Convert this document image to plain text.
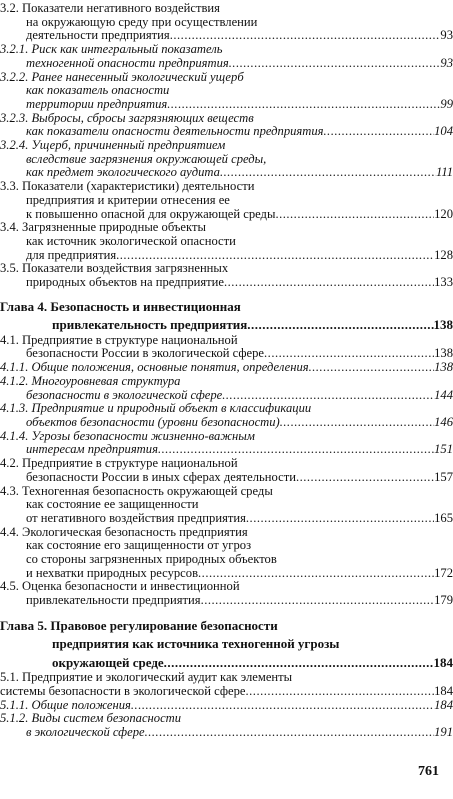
3.2. Показатели негативного воздействия
на окружающую среду при осуществлении
деятельности предприятия .....	93
3.2.1. Риск как интегральный показатель
техногенной опасности предприятия .....	93
3.2.2. Ранее нанесенный экологический ущерб
как показатель опасности
территории предприятия .....	99
3.2.3. Выбросы, сбросы загрязняющих веществ
как показатели опасности деятельности предприятия .....	104
3.2.4. Ущерб, причиненный предприятием
вследствие загрязнения окружающей среды,
как предмет экологического аудита .....	111
3.3. Показатели (характеристики) деятельности
предприятия и критерии отнесения ее
к повышенно опасной для окружающей среды .....	120
3.4. Загрязненные природные объекты
как источник экологической опасности
для предприятия .....	128
3.5. Показатели воздействия загрязненных
природных объектов на предприятие .....	133
Глава 4. Безопасность и инвестиционная
привлекательность предприятия .....	138
4.1. Предприятие в структуре национальной
безопасности России в экологической сфере .....	138
4.1.1. Общие положения, основные понятия, определения .....	138
4.1.2. Многоуровневая структура
безопасности в экологической сфере .....	144
4.1.3. Предприятие и природный объект в классификации
объектов безопасности (уровни безопасности) .....	146
4.1.4. Угрозы безопасности жизненно-важным
интересам предприятия .....	151
4.2. Предприятие в структуре национальной
безопасности России в иных сферах деятельности .....	157
4.3. Техногенная безопасность окружающей среды
как состояние ее защищенности
от негативного воздействия предприятия .....	165
4.4. Экологическая безопасность предприятия
как состояние его защищенности от угроз
со стороны загрязненных природных объектов
и нехватки природных ресурсов .....	172
4.5. Оценка безопасности и инвестиционной
привлекательности предприятия .....	179
Глава 5. Правовое регулирование безопасности
предприятия как источника техногенной угрозы
окружающей среде .....	184
5.1. Предприятие и экологический аудит как элементы
системы безопасности в экологической сфере .....	184
5.1.1. Общие положения .....	184
5.1.2. Виды систем безопасности
в экологической сфере .....	191
761
